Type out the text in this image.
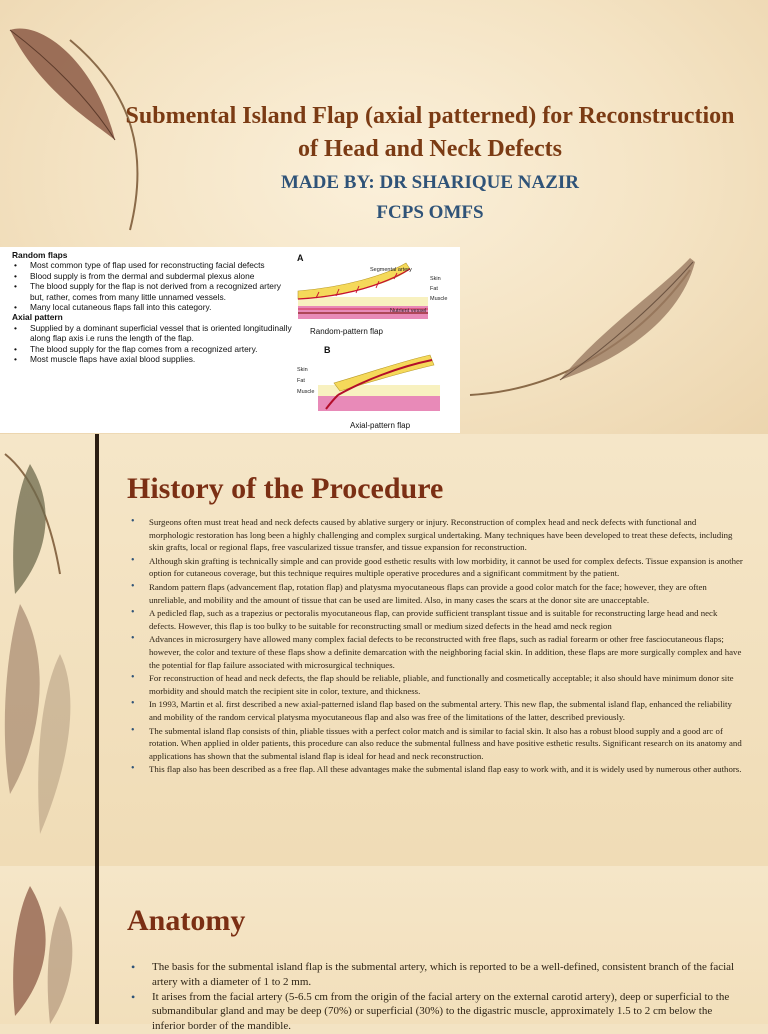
Submental Island Flap (axial patterned) for Reconstruction of Head and Neck Defects
MADE BY: DR SHARIQUE NAZIR
FCPS OMFS
Random flaps
• Most common type of flap used for reconstructing facial defects
• Blood supply is from the dermal and subdermal plexus alone
• The blood supply for the flap is not derived from a recognized artery but, rather, comes from many little unnamed vessels.
• Many local cutaneous flaps fall into this category.
Axial pattern
• Supplied by a dominant superficial vessel that is oriented longitudinally along flap axis i.e runs the length of the flap.
• The blood supply for the flap comes from a recognized artery.
• Most muscle flaps have axial blood supplies.
A
Skin
Fat
Muscle
Segmental artery
Nutrient vessel
Random-pattern flap
B
Skin
Fat
Muscle
Axial-pattern flap
History of the Procedure
• Surgeons often must treat head and neck defects caused by ablative surgery or injury. Reconstruction of complex head and neck defects with functional and morphologic restoration has long been a highly challenging and complex surgical undertaking. Many techniques have been developed to treat these defects, including skin grafts, local or regional flaps, free vascularized tissue transfer, and tissue expansion for reconstruction.
• Although skin grafting is technically simple and can provide good esthetic results with low morbidity, it cannot be used for complex defects. Tissue expansion is another option for cutaneous coverage, but this technique requires multiple operative procedures and a significant commitment by the patient.
• Random pattern flaps (advancement flap, rotation flap) and platysma myocutaneous flaps can provide a good color match for the face; however, they are often unreliable, and mobility and the amount of tissue that can be used are limited. Also, in many cases the scars at the donor site are unacceptable.
• A pedicled flap, such as a trapezius or pectoralis myocutaneous flap, can provide sufficient transplant tissue and is suitable for reconstructing large head and neck defects. However, this flap is too bulky to be suitable for reconstructing small or medium sized defects in the head amd neck region
• Advances in microsurgery have allowed many complex facial defects to be reconstructed with free flaps, such as radial forearm or other free fasciocutaneous flaps; however, the color and texture of these flaps show a definite demarcation with the neighboring facial skin. In addition, these flaps are more surgically complex and have the potential for flap failure associated with microsurgical techniques.
• For reconstruction of head and neck defects, the flap should be reliable, pliable, and functionally and cosmetically acceptable; it also should have minimum donor site morbidity and should match the recipient site in color, texture, and thickness.
• In 1993, Martin et al. first described a new axial-patterned island flap based on the submental artery. This new flap, the submental island flap, enhanced the reliability and mobility of the random cervical platysma myocutaneous flap and also was free of the limitations of the latter, described previously.
• The submental island flap consists of thin, pliable tissues with a perfect color match and is similar to facial skin. It also has a robust blood supply and a good arc of rotation. When applied in older patients, this procedure can also reduce the submental fullness and have positive esthetic results. Significant research on its anatomy and applications has shown that the submental island flap is ideal for head and neck reconstruction.
• This flap also has been described as a free flap. All these advantages make the submental island flap easy to work with, and it is widely used by numerous other authors.
Anatomy
• The basis for the submental island flap is the submental artery, which is reported to be a well-defined, consistent branch of the facial artery with a diameter of 1 to 2 mm.
• It arises from the facial artery (5-6.5 cm from the origin of the facial artery on the external carotid artery), deep or superficial to the submandibular gland and may be deep (70%) or superficial (30%) to the digastric muscle, approximately 1.5 to 2 cm below the inferior border of the mandible.
